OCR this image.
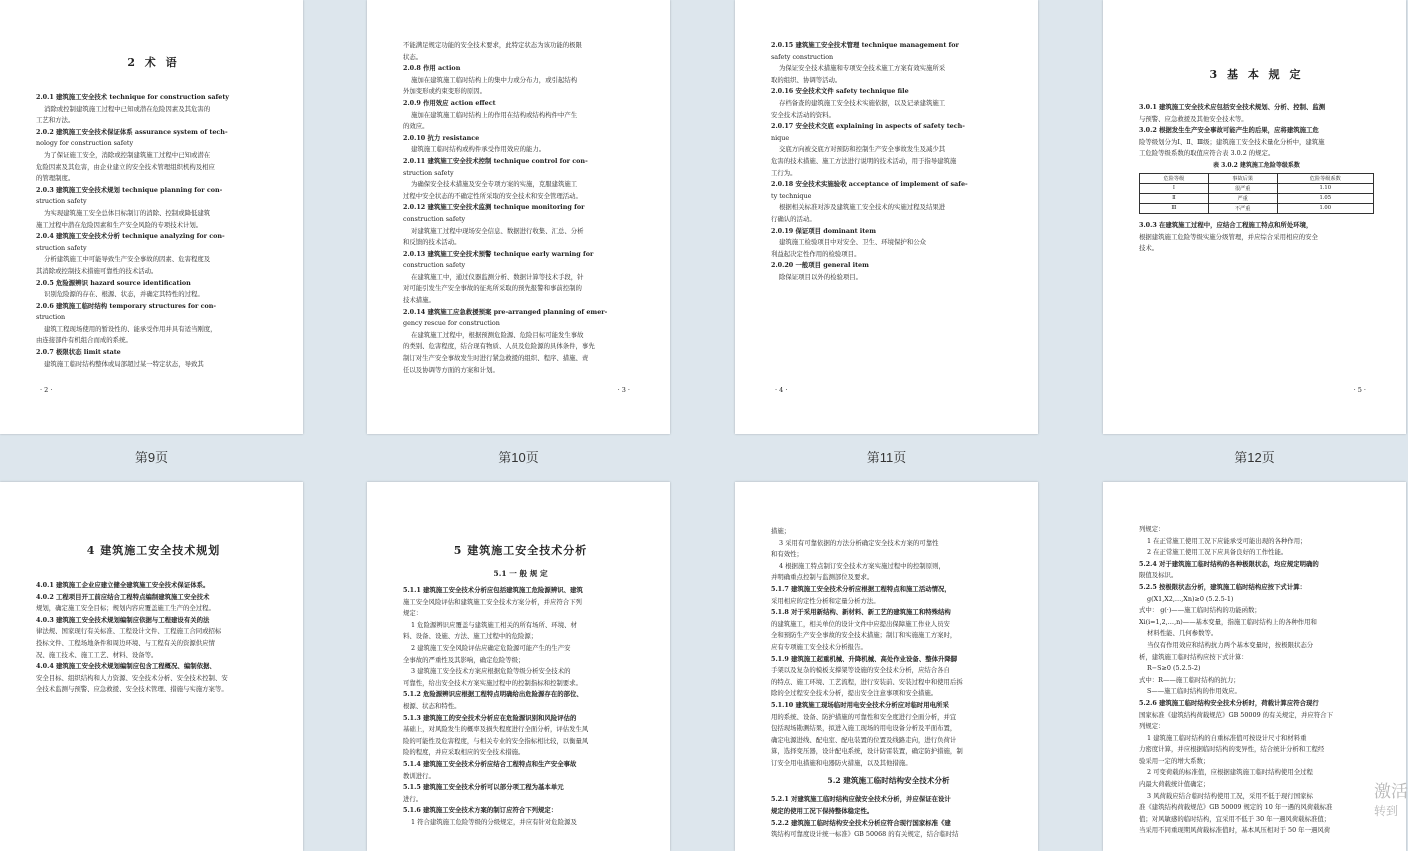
2 术 语

2.0.1 建筑施工安全技术 technique for construction safety

消除或控制建筑施工过程中已知或潜在危险因素及其危害的

工艺和方法。

2.0.2 建筑施工安全技术保证体系 assurance system of tech-

nology for construction safety

为了保证施工安全，消除或控制建筑施工过程中已知或潜在

危险因素及其危害，由企业建立的安全技术管理组织机构及相应

的管理制度。

2.0.3 建筑施工安全技术规划 technique planning for con-

struction safety

为实现建筑施工安全总体目标制订的消除、控制或降低建筑

施工过程中潜在危险因素和生产安全风险的专项技术计划。

2.0.4 建筑施工安全技术分析 technique analyzing for con-

struction safety

分析建筑施工中可能导致生产安全事故的因素、危害程度及

其消除或控制技术措施可靠性的技术活动。

2.0.5 危险源辨识 hazard source identification

识别危险源的存在、根源、状态，并确定其特性的过程。

2.0.6 建筑施工临时结构 temporary structures for con-

struction

建筑工程现场使用的暂设性的、能承受作用并具有适当刚度，

由连接部件有机组合而成的系统。

2.0.7 极限状态 limit state

建筑施工临时结构整体或局部超过某一特定状态，导致其

· 2 ·

不能满足规定功能的安全技术要求，此特定状态为该功能的极限

状态。

2.0.8 作用 action

施加在建筑施工临时结构上的集中力或分布力，或引起结构

外加变形或约束变形的原因。

2.0.9 作用效应 action effect

施加在建筑施工临时结构上的作用在结构或结构构件中产生

的效应。

2.0.10 抗力 resistance

建筑施工临时结构或构件承受作用效应的能力。

2.0.11 建筑施工安全技术控制 technique control for con-

struction safety

为确保安全技术措施及安全专项方案的实施，克服建筑施工

过程中安全状态的不确定性所采取的安全技术和安全管理活动。

2.0.12 建筑施工安全技术监测 technique monitoring for

construction safety

对建筑施工过程中现场安全信息、数据进行收集、汇总、分析

和反馈的技术活动。

2.0.13 建筑施工安全技术预警 technique early warning for

construction safety

在建筑施工中，通过仪器监测分析、数据计算等技术手段，针

对可能引发生产安全事故的征兆所采取的预先报警和事前控制的

技术措施。

2.0.14 建筑施工应急救援预案 pre-arranged planning of emer-

gency rescue for construction

在建筑施工过程中，根据预测危险源、危险目标可能发生事故

的类别、危害程度，结合现有物质、人员及危险源的具体条件，事先

制订对生产安全事故发生时进行紧急救援的组织、程序、措施、责

任以及协调等方面的方案和计划。

· 3 ·

2.0.15 建筑施工安全技术管理 technique management for

safety construction

为保证安全技术措施和专项安全技术施工方案有效实施所采

取的组织、协调等活动。

2.0.16 安全技术文件 safety technique file

存档备查的建筑施工安全技术实施依据，以及记录建筑施工

安全技术活动的资料。

2.0.17 安全技术交底 explaining in aspects of safety tech-

nique

交底方向被交底方对预防和控制生产安全事故发生及减少其

危害的技术措施、施工方法进行说明的技术活动，用于指导建筑施

工行为。

2.0.18 安全技术实施验收 acceptance of implement of safe-

ty technique

根据相关标准对涉及建筑施工安全技术的实施过程及结果进

行确认的活动。

2.0.19 保证项目 dominant item

建筑施工检验项目中对安全、卫生、环境保护和公众

利益起决定性作用的检验项目。

2.0.20 一般项目 general item

除保证项目以外的检验项目。

· 4 ·

3 基 本 规 定

3.0.1 建筑施工安全技术应包括安全技术规划、分析、控制、监测

与预警、应急救援及其他安全技术等。

3.0.2 根据发生生产安全事故可能产生的后果，应将建筑施工危

险等级划分为Ⅰ、Ⅱ、Ⅲ级；建筑施工安全技术量化分析中，建筑施

工危险等级系数的取值应符合表 3.0.2 的规定。

表 3.0.2 建筑施工危险等级系数
危险等级	事故后果	危险等级系数
Ⅰ	很严重	1.10
Ⅱ	严重	1.05
Ⅲ	不严重	1.00

3.0.3 在建筑施工过程中，应结合工程施工特点和所处环境，

根据建筑施工危险等级实施分级管理，并应综合采用相应的安全

技术。

· 5 ·
第9页	第10页	第11页	第12页

4 建筑施工安全技术规划

4.0.1 建筑施工企业应建立健全建筑施工安全技术保证体系。

4.0.2 工程项目开工前应结合工程特点编制建筑施工安全技术

规划，确定施工安全目标；规划内容应覆盖施工生产的全过程。

4.0.3 建筑施工安全技术规划编制应依据与工程建设有关的法

律法规、国家现行有关标准、工程设计文件、工程施工合同或招标

投标文件、工程场地条件和周边环境、与工程有关的资源供应情

况、施工技术、施工工艺、材料、设备等。

4.0.4 建筑施工安全技术规划编制应包含工程概况、编制依据、

安全目标、组织结构和人力资源、安全技术分析、安全技术控制、安

全技术监测与预警、应急救援、安全技术管理、措施与实施方案等。

5 建筑施工安全技术分析

5.1 一 般 规 定

5.1.1 建筑施工安全技术分析应包括建筑施工危险源辨识、建筑

施工安全风险评估和建筑施工安全技术方案分析，并应符合下列

规定：

1 危险源辨识应覆盖与建筑施工相关的所有场所、环境、材

料、设备、设施、方法、施工过程中的危险源；

2 建筑施工安全风险评估应确定危险源可能产生的生产安

全事故的严重性及其影响，确定危险等级；

3 建筑施工安全技术方案应根据危险等级分析安全技术的

可靠性，给出安全技术方案实施过程中的控制指标和控制要求。

5.1.2 危险源辨识应根据工程特点明确给出危险源存在的部位、

根源、状态和特性。

5.1.3 建筑施工的安全技术分析应在危险源识别和风险评估的

基础上，对风险发生的概率及损失程度进行全面分析，评估发生风

险的可能性及危害程度，与相关专业的安全指标相比较，以衡量风

险的程度，并应采取相应的安全技术措施。

5.1.4 建筑施工安全技术分析应结合工程特点和生产安全事故

教训进行。

5.1.5 建筑施工安全技术分析可以部分项工程为基本单元

进行。

5.1.6 建筑施工安全技术方案的制订应符合下列规定：

1 符合建筑施工危险等级的分级规定，并应有针对危险源及

措施；

3 采用有可靠依据的方法分析确定安全技术方案的可靠性

和有效性；

4 根据施工特点制订安全技术方案实施过程中的控制原则，

并明确重点控制与监测部位及要求。

5.1.7 建筑施工安全技术分析应根据工程特点和施工活动情况，

采用相应的定性分析和定量分析方法。

5.1.8 对于采用新结构、新材料、新工艺的建筑施工和特殊结构

的建筑施工，相关单位的设计文件中应提出保障施工作业人员安

全和预防生产安全事故的安全技术措施；制订和实施施工方案时，

应有专项施工安全技术分析报告。

5.1.9 建筑施工起重机械、升降机械、高处作业设备、整体升降脚

手架以及复杂的模板支撑架等设施的安全技术分析，应结合各自

的特点、施工环境、工艺流程，进行安装前、安装过程中和使用后拆

除的全过程安全技术分析，提出安全注意事项和安全措施。

5.1.10 建筑施工现场临时用电安全技术分析应对临时用电所采

用的系统、设备、防护措施的可靠性和安全度进行全面分析，并宜

包括现场勘测结果，拟进入施工现场的用电设备分析及平面布置，

确定电源进线、配电室、配电装置的位置及线路走向，进行负荷计

算，选择变压器，设计配电系统，设计防雷装置，确定防护措施，制

订安全用电措施和电器防火措施，以及其他措施。

5.2 建筑施工临时结构安全技术分析

5.2.1 对建筑施工临时结构应做安全技术分析，并应保证在设计

规定的使用工况下保持整体稳定性。

5.2.2 建筑施工临时结构安全技术分析应符合现行国家标准《建

筑结构可靠度设计统一标准》GB 50068 的有关规定，结合临时结

列规定：

1 在正常施工使用工况下应能承受可能出现的各种作用；

2 在正常施工使用工况下应具备良好的工作性能。

5.2.4 对于建筑施工临时结构的各种极限状态，均应规定明确的

限值及标识。

5.2.5 按极限状态分析，建筑施工临时结构应按下式计算：

g(X1,X2,…,Xn)≥0 (5.2.5-1)

式中： g(·)——施工临时结构的功能函数；

Xi(i=1,2,…,n)——基本变量，指施工临时结构上的各种作用和

材料性能、几何参数等。

当仅有作用效应和结构抗力两个基本变量时，按极限状态分

析，建筑施工临时结构应按下式计算：

R−S≥0 (5.2.5-2)

式中：R——施工临时结构的抗力；

S——施工临时结构的作用效应。

5.2.6 建筑施工临时结构安全技术分析时，荷载计算应符合现行

国家标准《建筑结构荷载规范》GB 50009 的有关规定，并应符合下

列规定：

1 建筑施工临时结构的自重标准值可按设计尺寸和材料重

力密度计算，并应根据临时结构的变异性，结合统计分析和工程经

验采用一定的增大系数；

2 可变荷载的标准值，应根据建筑施工临时结构使用全过程

内最大荷载统计值确定；

3 风荷载应结合临时结构使用工况，采用不低于现行国家标

准《建筑结构荷载规范》GB 50009 规定的 10 年一遇的风荷载标准

值；对风敏感的临时结构，宜采用不低于 30 年一遇风荷载标准值；

当采用不同重现期风荷载标准值时，基本风压相对于 50 年一遇风荷

激活
转到
